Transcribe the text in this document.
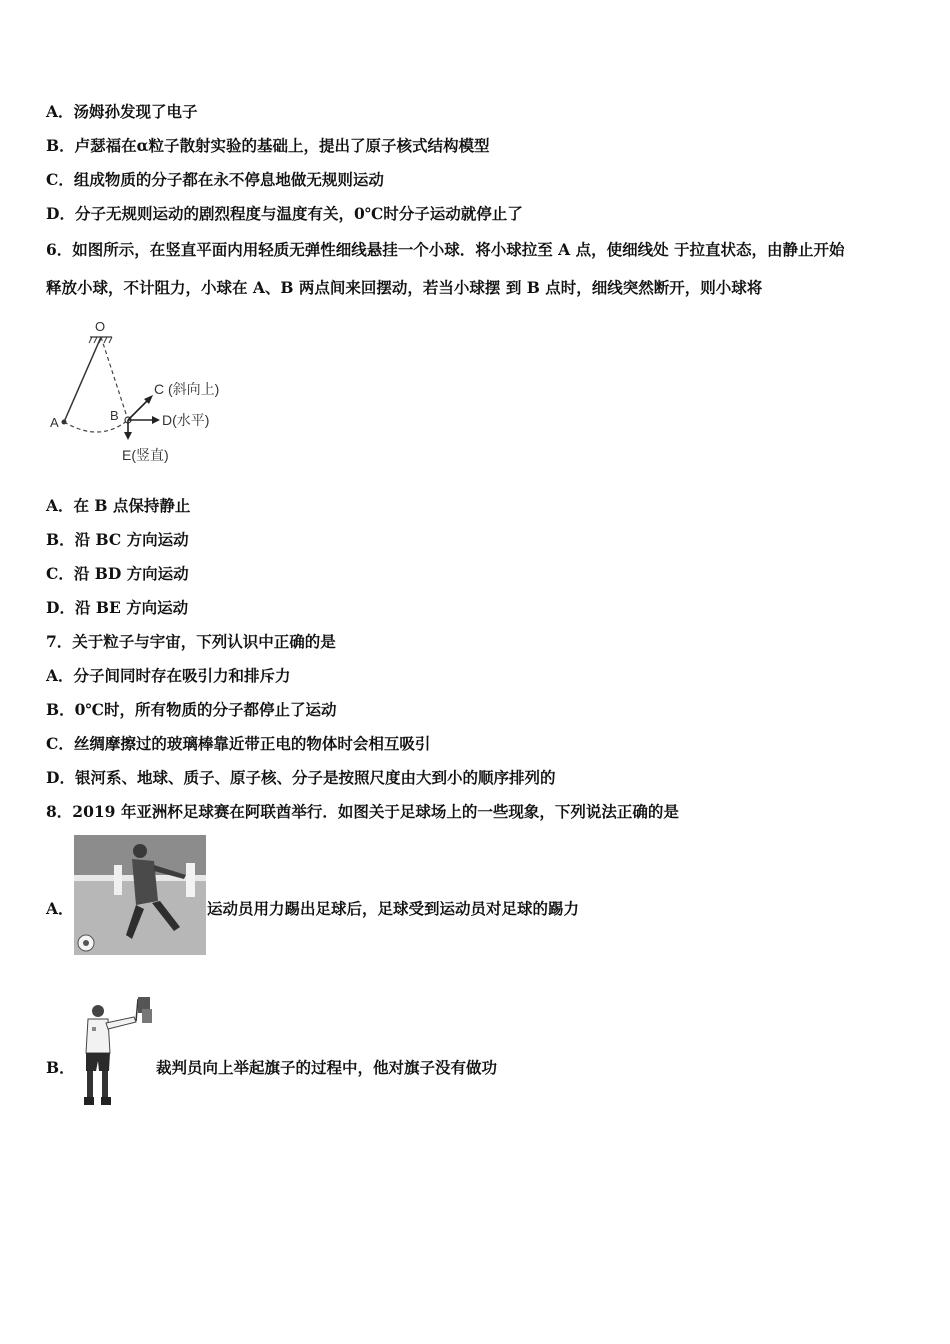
A．汤姆孙发现了电子
B．卢瑟福在α粒子散射实验的基础上，提出了原子核式结构模型
C．组成物质的分子都在永不停息地做无规则运动
D．分子无规则运动的剧烈程度与温度有关，0℃时分子运动就停止了
6．如图所示，在竖直平面内用轻质无弹性细线悬挂一个小球．将小球拉至 A 点，使细线处 于拉直状态，由静止开始
释放小球，不计阻力，小球在 A、B 两点间来回摆动，若当小球摆 到 B 点时，细线突然断开，则小球将
O
A	B
C (斜向上)
D(水平)
E(竖直)
A．在 B 点保持静止
B．沿 BC 方向运动
C．沿 BD 方向运动
D．沿 BE 方向运动
7．关于粒子与宇宙，下列认识中正确的是
A．分子间同时存在吸引力和排斥力
B．0℃时，所有物质的分子都停止了运动
C．丝绸摩擦过的玻璃棒靠近带正电的物体时会相互吸引
D．银河系、地球、质子、原子核、分子是按照尺度由大到小的顺序排列的
8．2019 年亚洲杯足球赛在阿联酋举行．如图关于足球场上的一些现象，下列说法正确的是
A．	运动员用力踢出足球后，足球受到运动员对足球的踢力
B．	裁判员向上举起旗子的过程中，他对旗子没有做功
